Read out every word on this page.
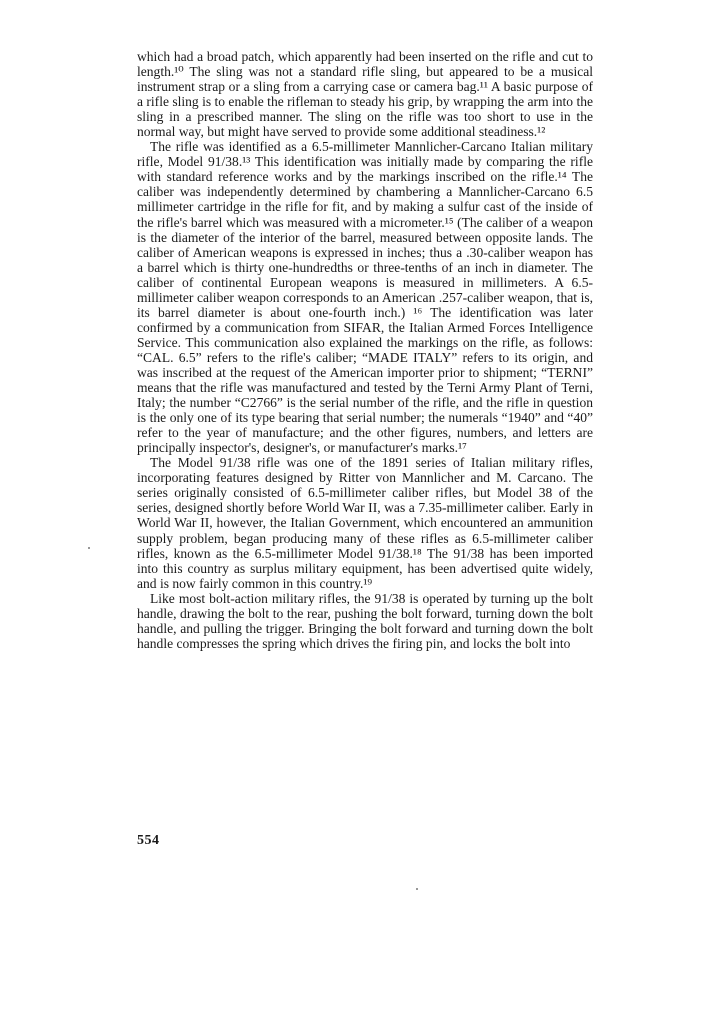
which had a broad patch, which apparently had been inserted on the rifle and cut to length.¹⁰ The sling was not a standard rifle sling, but appeared to be a musical instrument strap or a sling from a carrying case or camera bag.¹¹ A basic purpose of a rifle sling is to enable the rifleman to steady his grip, by wrapping the arm into the sling in a prescribed manner. The sling on the rifle was too short to use in the normal way, but might have served to provide some additional steadiness.¹²

The rifle was identified as a 6.5-millimeter Mannlicher-Carcano Italian military rifle, Model 91/38.¹³ This identification was initially made by comparing the rifle with standard reference works and by the markings inscribed on the rifle.¹⁴ The caliber was independently determined by chambering a Mannlicher-Carcano 6.5 millimeter cartridge in the rifle for fit, and by making a sulfur cast of the inside of the rifle's barrel which was measured with a micrometer.¹⁵ (The caliber of a weapon is the diameter of the interior of the barrel, measured between opposite lands. The caliber of American weapons is expressed in inches; thus a .30-caliber weapon has a barrel which is thirty one-hundredths or three-tenths of an inch in diameter. The caliber of continental European weapons is measured in millimeters. A 6.5-millimeter caliber weapon corresponds to an American .257-caliber weapon, that is, its barrel diameter is about one-fourth inch.) ¹⁶ The identification was later confirmed by a communication from SIFAR, the Italian Armed Forces Intelligence Service. This communication also explained the markings on the rifle, as follows: “CAL. 6.5” refers to the rifle's caliber; “MADE ITALY” refers to its origin, and was inscribed at the request of the American importer prior to shipment; “TERNI” means that the rifle was manufactured and tested by the Terni Army Plant of Terni, Italy; the number “C2766” is the serial number of the rifle, and the rifle in question is the only one of its type bearing that serial number; the numerals “1940” and “40” refer to the year of manufacture; and the other figures, numbers, and letters are principally inspector's, designer's, or manufacturer's marks.¹⁷

The Model 91/38 rifle was one of the 1891 series of Italian military rifles, incorporating features designed by Ritter von Mannlicher and M. Carcano. The series originally consisted of 6.5-millimeter caliber rifles, but Model 38 of the series, designed shortly before World War II, was a 7.35-millimeter caliber. Early in World War II, however, the Italian Government, which encountered an ammunition supply problem, began producing many of these rifles as 6.5-millimeter caliber rifles, known as the 6.5-millimeter Model 91/38.¹⁸ The 91/38 has been imported into this country as surplus military equipment, has been advertised quite widely, and is now fairly common in this country.¹⁹

Like most bolt-action military rifles, the 91/38 is operated by turning up the bolt handle, drawing the bolt to the rear, pushing the bolt forward, turning down the bolt handle, and pulling the trigger. Bringing the bolt forward and turning down the bolt handle compresses the spring which drives the firing pin, and locks the bolt into

554
